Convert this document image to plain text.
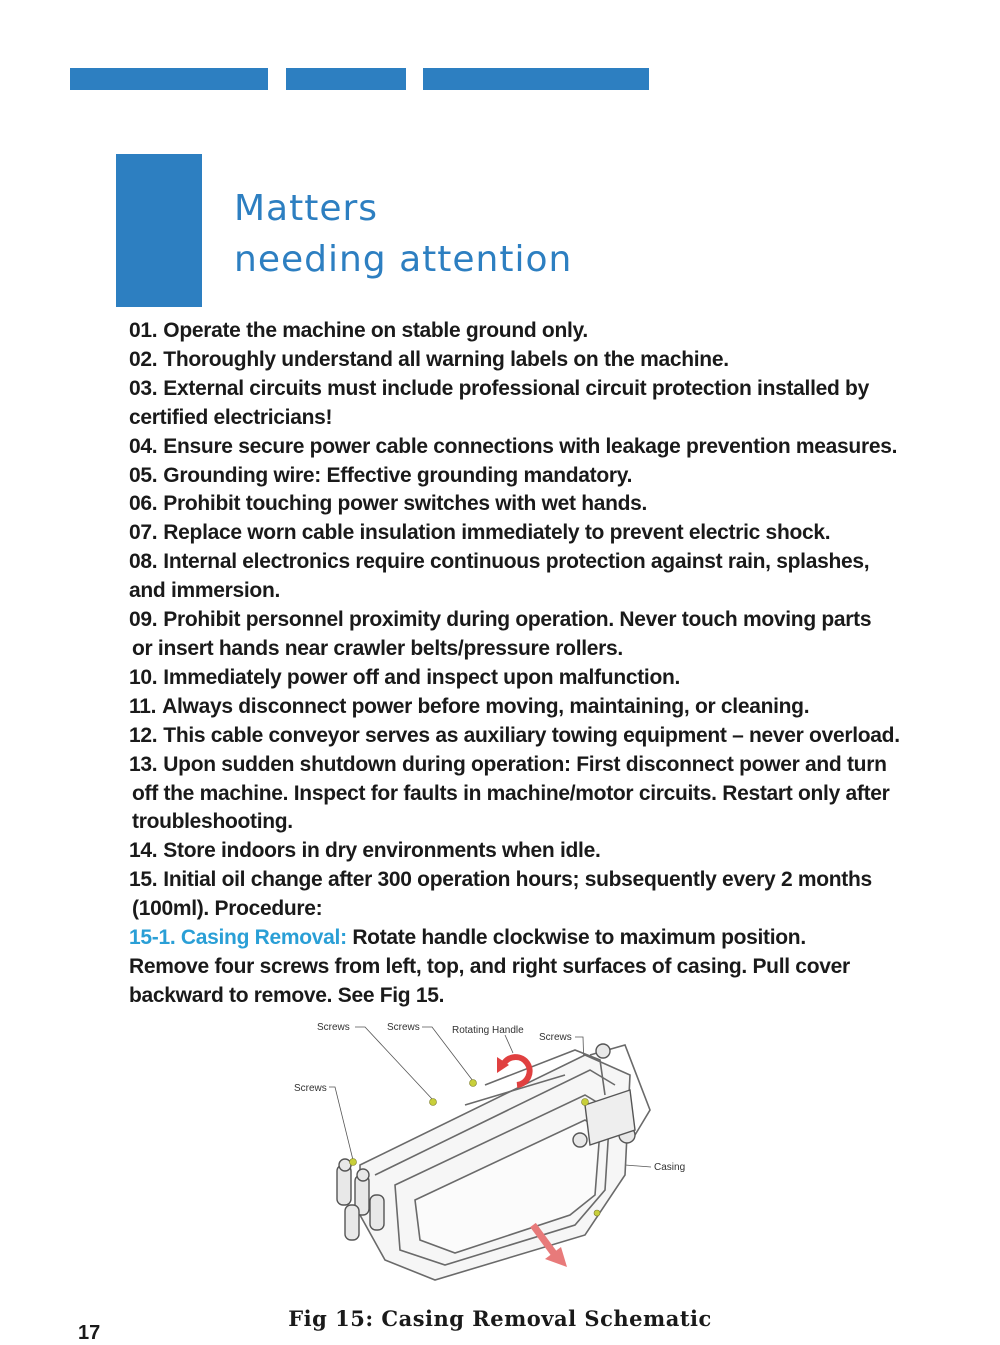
Matters
needing attention
01. Operate the machine on stable ground only.
02. Thoroughly understand all warning labels on the machine.
03. External circuits must include professional circuit protection installed by
certified electricians!
04. Ensure secure power cable connections with leakage prevention measures.
05. Grounding wire: Effective grounding mandatory.
06. Prohibit touching power switches with wet hands.
07. Replace worn cable insulation immediately to prevent electric shock.
08. Internal electronics require continuous protection against rain, splashes,
and immersion.
09. Prohibit personnel proximity during operation. Never touch moving parts
or insert hands near crawler belts/pressure rollers.
10. Immediately power off and inspect upon malfunction.
11. Always disconnect power before moving, maintaining, or cleaning.
12. This cable conveyor serves as auxiliary towing equipment – never overload.
13. Upon sudden shutdown during operation: First disconnect power and turn
off the machine. Inspect for faults in machine/motor circuits. Restart only after
troubleshooting.
14. Store indoors in dry environments when idle.
15. Initial oil change after 300 operation hours; subsequently every 2 months
(100ml). Procedure:
15-1. Casing Removal: Rotate handle clockwise to maximum position.
Remove four screws from left, top, and right surfaces of casing. Pull cover
backward to remove. See Fig 15.
Screws	Screws	Rotating Handle
Screws
Screws
Casing
Fig 15: Casing Removal Schematic
17
